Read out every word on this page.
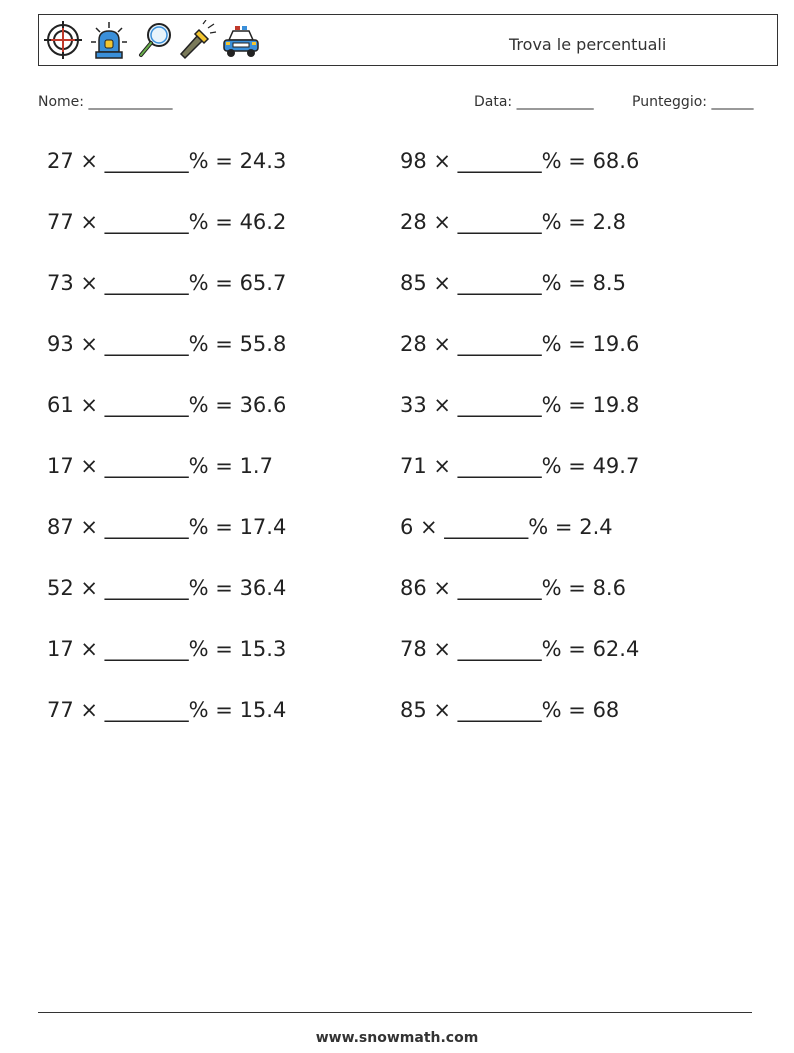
Trova le percentuali
Nome: ____________	Data: ___________	Punteggio: ______
27 × ________% = 24.3
77 × ________% = 46.2
73 × ________% = 65.7
93 × ________% = 55.8
61 × ________% = 36.6
17 × ________% = 1.7
87 × ________% = 17.4
52 × ________% = 36.4
17 × ________% = 15.3
77 × ________% = 15.4
98 × ________% = 68.6
28 × ________% = 2.8
85 × ________% = 8.5
28 × ________% = 19.6
33 × ________% = 19.8
71 × ________% = 49.7
6 × ________% = 2.4
86 × ________% = 8.6
78 × ________% = 62.4
85 × ________% = 68
www.snowmath.com
